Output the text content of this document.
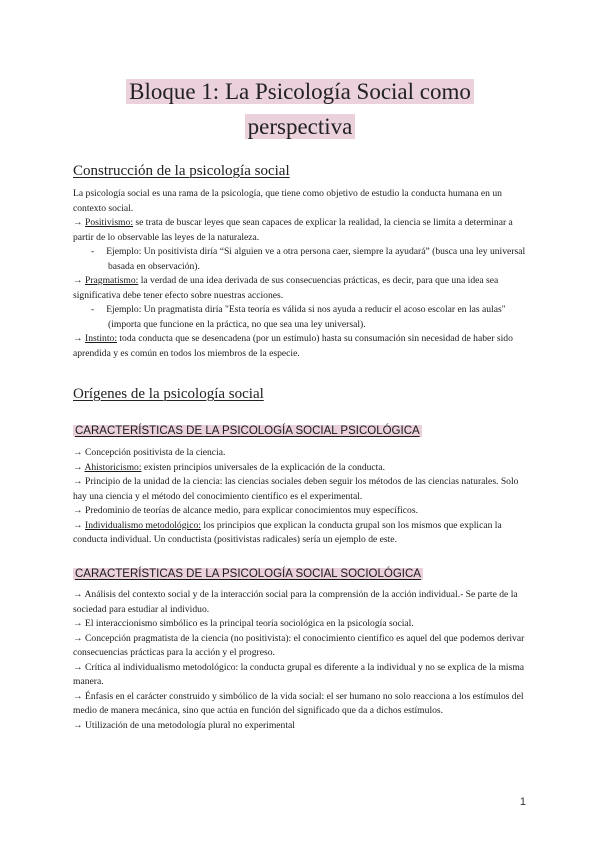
Bloque 1: La Psicología Social como
perspectiva
Construcción de la psicología social

La psicología social es una rama de la psicología, que tiene como objetivo de estudio la conducta humana en un contexto social.

→ Positivismo: se trata de buscar leyes que sean capaces de explicar la realidad, la ciencia se limita a determinar a partir de lo observable las leyes de la naturaleza.

-     Ejemplo: Un positivista diría “Si alguien ve a otra persona caer, siempre la ayudará” (busca una ley universal basada en observación).

→ Pragmatismo: la verdad de una idea derivada de sus consecuencias prácticas, es decir, para que una idea sea significativa debe tener efecto sobre nuestras acciones.

-     Ejemplo: Un pragmatista diría "Esta teoría es válida si nos ayuda a reducir el acoso escolar en las aulas" (importa que funcione en la práctica, no que sea una ley universal).

→ Instinto: toda conducta que se desencadena (por un estímulo) hasta su consumación sin necesidad de haber sido aprendida y es común en todos los miembros de la especie.

Orígenes de la psicología social
CARACTERÍSTICAS DE LA PSICOLOGÍA SOCIAL PSICOLÓGICA

→ Concepción positivista de la ciencia.

→ Ahistoricismo: existen principios universales de la explicación de la conducta.

→ Principio de la unidad de la ciencia: las ciencias sociales deben seguir los métodos de las ciencias naturales. Solo hay una ciencia y el método del conocimiento científico es el experimental.

→ Predominio de teorías de alcance medio, para explicar conocimientos muy específicos.

→ Individualismo metodológico: los principios que explican la conducta grupal son los mismos que explican la conducta individual. Un conductista (positivistas radicales) sería un ejemplo de este.

CARACTERÍSTICAS DE LA PSICOLOGÍA SOCIAL SOCIOLÓGICA

→ Análisis del contexto social y de la interacción social para la comprensión de la acción individual.- Se parte de la sociedad para estudiar al individuo.

→ El interaccionismo simbólico es la principal teoría sociológica en la psicología social.

→ Concepción pragmatista de la ciencia (no positivista): el conocimiento científico es aquel del que podemos derivar consecuencias prácticas para la acción y el progreso.

→ Crítica al individualismo metodológico: la conducta grupal es diferente a la individual y no se explica de la misma manera.

→ Énfasis en el carácter construido y simbólico de la vida social: el ser humano no solo reacciona a los estímulos del medio de manera mecánica, sino que actúa en función del significado que da a dichos estímulos.

→ Utilización de una metodología plural no experimental

1
